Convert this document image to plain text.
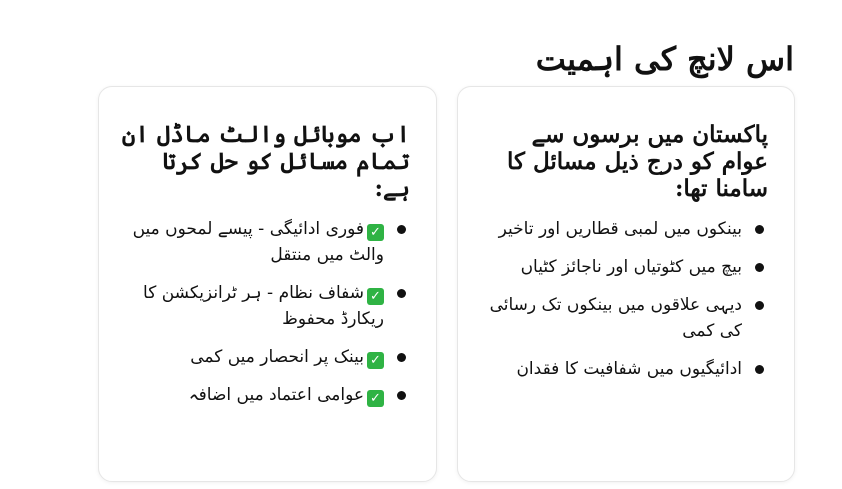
اس لانچ کی اہمیت
پاکستان میں برسوں سے عوام کو درج ذیل مسائل کا سامنا تھا:
بینکوں میں لمبی قطاریں اور تاخیر
بیچ میں کٹوتیاں اور ناجائز کٹیاں
دیہی علاقوں میں بینکوں تک رسائی کی کمی
ادائیگیوں میں شفافیت کا فقدان
اب موبائل والٹ ماڈل ان تمام مسائل کو حل کرتا ہے:
✓فوری ادائیگی - پیسے لمحوں میں والٹ میں منتقل
✓شفاف نظام - ہر ٹرانزیکشن کا ریکارڈ محفوظ
✓بینک پر انحصار میں کمی
✓عوامی اعتماد میں اضافہ
